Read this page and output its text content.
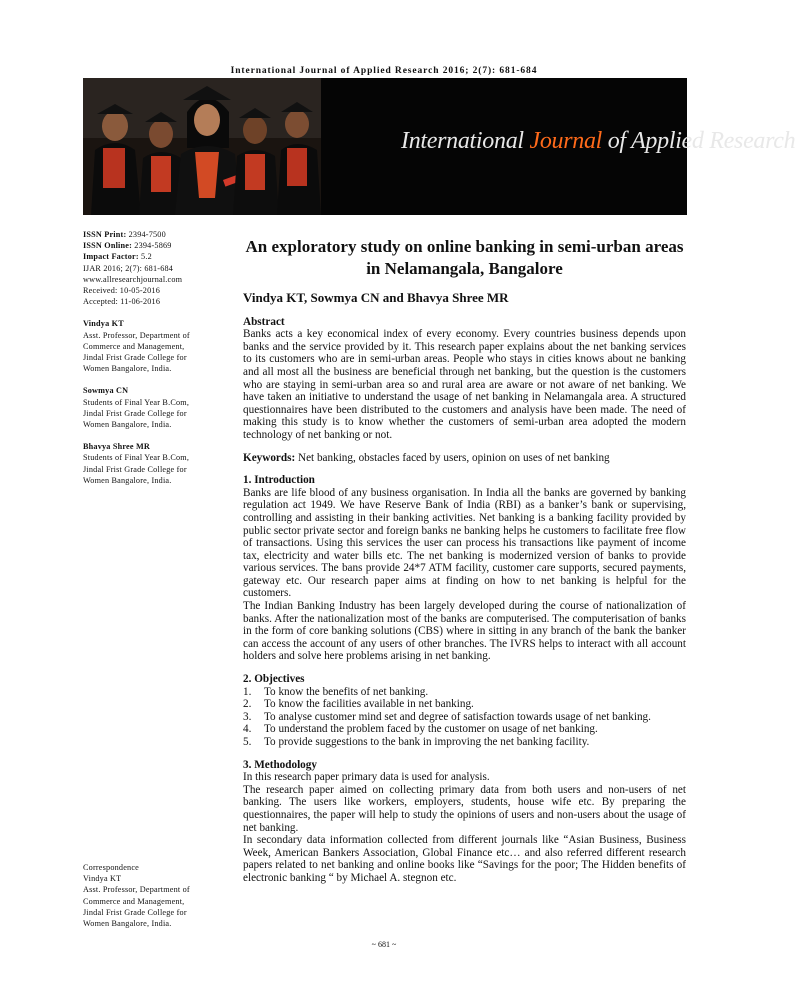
International Journal of Applied Research 2016; 2(7): 681-684
International Journal of Applied Research
ISSN Print: 2394-7500
ISSN Online: 2394-5869
Impact Factor: 5.2
IJAR 2016; 2(7): 681-684
www.allresearchjournal.com
Received: 10-05-2016
Accepted: 11-06-2016
Vindya KT
Asst. Professor, Department of
Commerce and Management,
Jindal Frist Grade College for
Women Bangalore, India.
Sowmya CN
Students of Final Year B.Com,
Jindal Frist Grade College for
Women Bangalore, India.
Bhavya Shree MR
Students of Final Year B.Com,
Jindal Frist Grade College for
Women Bangalore, India.
Correspondence
Vindya KT
Asst. Professor, Department of
Commerce and Management,
Jindal Frist Grade College for
Women Bangalore, India.
An exploratory study on online banking in semi-urban areas in Nelamangala, Bangalore
Vindya KT, Sowmya CN and Bhavya Shree MR
Abstract

Banks acts a key economical index of every economy. Every countries business depends upon banks and the service provided by it. This research paper explains about the net banking services to its customers who are in semi-urban areas. People who stays in cities knows about ne banking and all most all the business are beneficial through net banking, but the question is the customers who are staying in semi-urban area so and rural area are aware or not aware of net banking. We have taken an initiative to understand the usage of net banking in Nelamangala area. A structured questionnaires have been distributed to the customers and analysis have been made. The need of making this study is to know whether the customers of semi-urban area adopted the modern technology of net banking or not.

Keywords: Net banking, obstacles faced by users, opinion on uses of net banking

1. Introduction

Banks are life blood of any business organisation. In India all the banks are governed by banking regulation act 1949. We have Reserve Bank of India (RBI) as a banker’s bank or supervising, controlling and assisting in their banking activities. Net banking is a banking facility provided by public sector private sector and foreign banks ne banking helps he customers to facilitate free flow of transactions. Using this services the user can process his transactions like payment of income tax, electricity and water bills etc. The net banking is modernized version of banks to provide various services. The bans provide 24*7 ATM facility, customer care supports, secured payments, gateway etc. Our research paper aims at finding on how to net banking is helpful for the customers.

The Indian Banking Industry has been largely developed during the course of nationalization of banks. After the nationalization most of the banks are computerised. The computerisation of banks in the form of core banking solutions (CBS) where in sitting in any branch of the bank the banker can access the account of any users of other branches. The IVRS helps to interact with all account holders and solve here problems arising in net banking.

2. Objectives
1. To know the benefits of net banking.
2. To know the facilities available in net banking.
3. To analyse customer mind set and degree of satisfaction towards usage of net banking.
4. To understand the problem faced by the customer on usage of net banking.
5. To provide suggestions to the bank in improving the net banking facility.
3. Methodology

In this research paper primary data is used for analysis.

The research paper aimed on collecting primary data from both users and non-users of net banking. The users like workers, employers, students, house wife etc. By preparing the questionnaires, the paper will help to study the opinions of users and non-users about the usage of net banking.

In secondary data information collected from different journals like “Asian Business, Business Week, American Bankers Association, Global Finance etc… and also referred different research papers related to net banking and online books like “Savings for the poor; The Hidden benefits of electronic banking “ by Michael A. stegnon etc.

~ 681 ~
